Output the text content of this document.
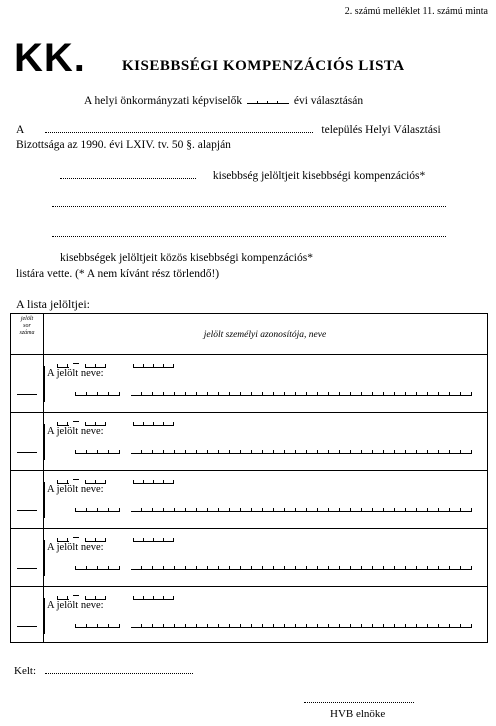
2. számú melléklet 11. számú minta
KK. KISEBBSÉGI KOMPENZÁCIÓS LISTA
A helyi önkormányzati képviselők	évi választásán
A	település Helyi Választási
Bizottsága az 1990. évi LXIV. tv. 50 §. alapján
kisebbség jelöltjeit kisebbségi kompenzációs*
kisebbségek jelöltjeit közös kisebbségi kompenzációs*
listára vette. (* A nem kívánt rész törlendő!)
A lista jelöltjei:
jelölt
sor
száma	jelölt személyi azonosítója, neve
A jelölt neve:
A jelölt neve:
A jelölt neve:
A jelölt neve:
A jelölt neve:
Kelt:
HVB elnöke
